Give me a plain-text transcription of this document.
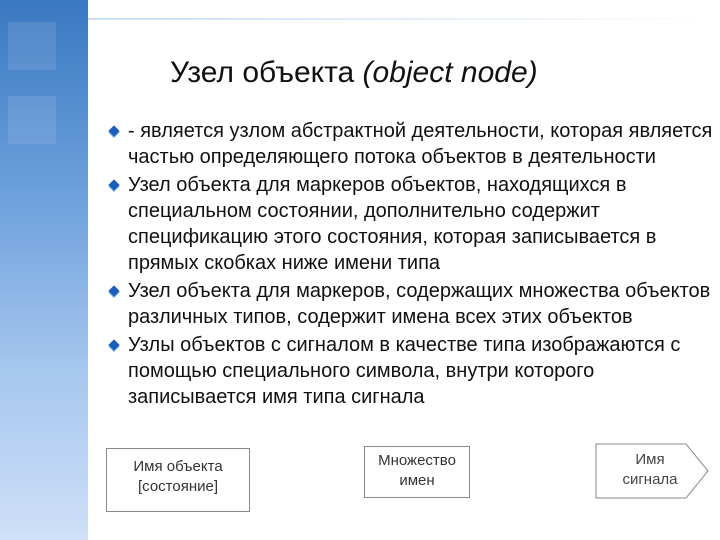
Узел объекта (object node)
- является узлом абстрактной деятельности, которая является частью определяющего потока объектов в деятельности
Узел объекта для маркеров объектов, находящихся в специальном состоянии, дополнительно содержит спецификацию этого состояния, которая записывается в прямых скобках ниже имени типа
Узел объекта для маркеров, содержащих множества объектов различных типов, содержит имена всех этих объектов
Узлы объектов с сигналом в качестве типа изображаются с помощью специального символа, внутри которого записывается имя типа сигнала
Имя объекта
[состояние]
Множество
имен
Имя
сигнала
